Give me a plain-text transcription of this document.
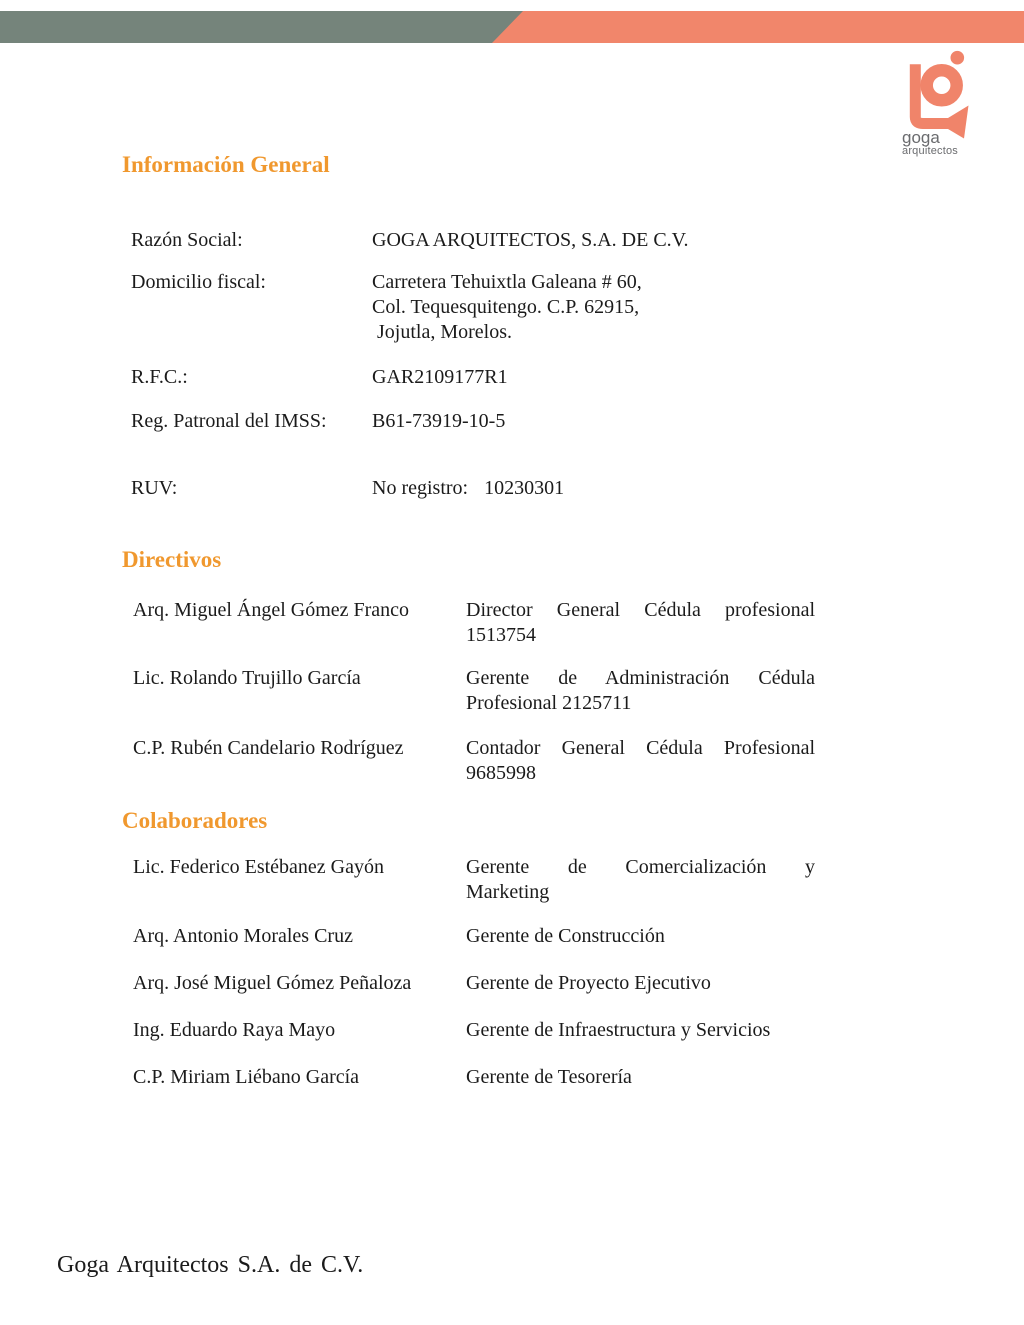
goga
arquitectos
Información General
Razón Social:	GOGA ARQUITECTOS, S.A. DE C.V.
Domicilio fiscal:	Carretera Tehuixtla Galeana # 60,
Col. Tequesquitengo. C.P. 62915,
Jojutla, Morelos.
R.F.C.:	GAR2109177R1
Reg. Patronal del IMSS: B61-73919-10-5
RUV:	No registro: 10230301
Directivos
Arq. Miguel Ángel Gómez Franco	Director General Cédula profesional
1513754
Lic. Rolando Trujillo García	Gerente de Administración Cédula
Profesional 2125711
C.P. Rubén Candelario Rodríguez	Contador General Cédula Profesional
9685998
Colaboradores
Lic. Federico Estébanez Gayón	Gerente de Comercialización y
Marketing
Arq. Antonio Morales Cruz	Gerente de Construcción
Arq. José Miguel Gómez Peñaloza	Gerente de Proyecto Ejecutivo
Ing. Eduardo Raya Mayo	Gerente de Infraestructura y Servicios
C.P. Miriam Liébano García	Gerente de Tesorería
Goga Arquitectos S.A. de C.V.
